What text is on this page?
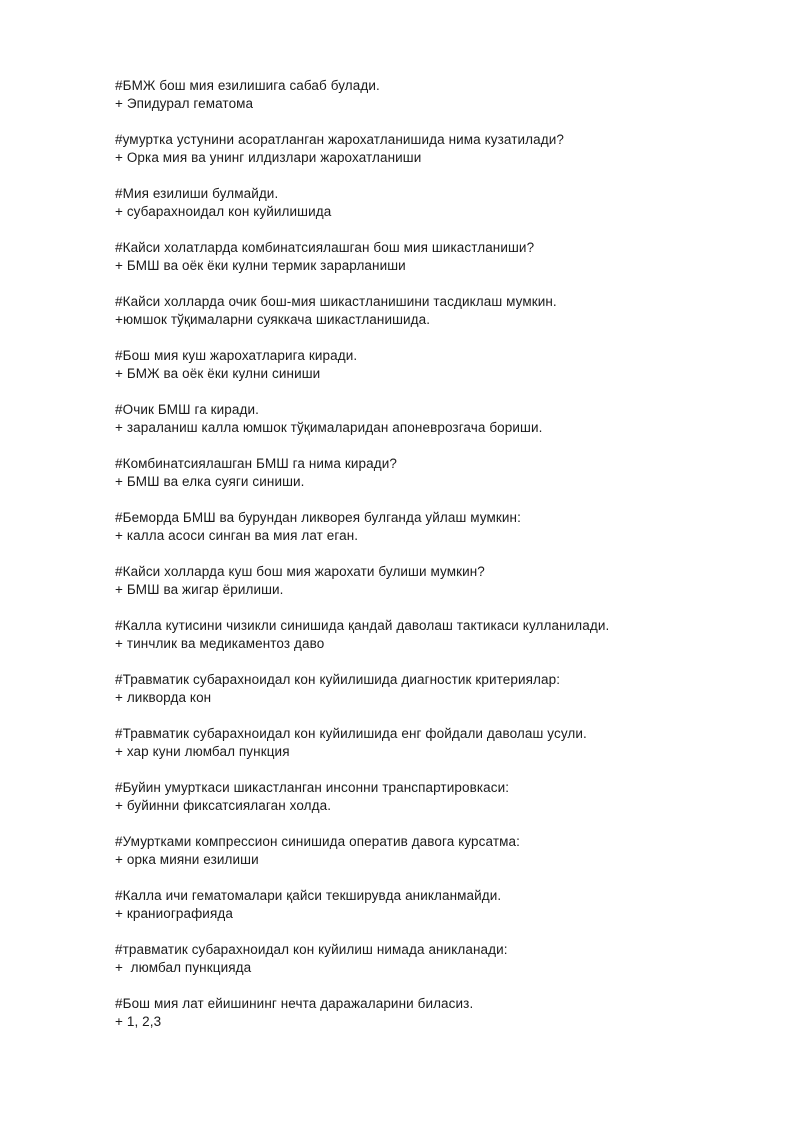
#БМЖ бош мия езилишига сабаб булади.
+ Эпидурал гематома
#умуртка устунини асоратланган жарохатланишида нима кузатилади?
+ Орка мия ва унинг илдизлари жарохатланиши
#Мия езилиши булмайди.
+ субарахноидал кон куйилишида
#Кайси холатларда комбинатсиялашган бош мия шикастланиши?
+ БМШ ва оёк ёки кулни термик зарарланиши
#Кайси холларда очик бош-мия шикастланишини тасдиклаш мумкин.
+юмшок тўқималарни суяккача шикастланишида.
#Бош мия куш жарохатларига киради.
+ БМЖ ва оёк ёки кулни синиши
#Очик БМШ га киради.
+ зараланиш калла юмшок тўқималаридан апоневрозгача бориши.
#Комбинатсиялашган БМШ га нима киради?
+ БМШ ва елка суяги синиши.
#Беморда БМШ ва бурундан ликворея булганда уйлаш мумкин:
+ калла асоси синган ва мия лат еган.
#Кайси холларда куш бош мия жарохати булиши мумкин?
+ БМШ ва жигар ёрилиши.
#Калла кутисини чизикли синишида қандай даволаш тактикаси кулланилади.
+ тинчлик ва медикаментоз даво
#Травматик субарахноидал кон куйилишида диагностик критериялар:
+ ликворда кон
#Травматик субарахноидал кон куйилишида енг фойдали даволаш усули.
+ хар куни люмбал пункция
#Буйин умурткаси шикастланган инсонни транспартировкаси:
+ буйинни фиксатсиялаган холда.
#Умуртками компрессион синишида оператив давога курсатма:
+ орка мияни езилиши
#Калла ичи гематомалари қайси текширувда аникланмайди.
+ краниографияда
#травматик субарахноидал кон куйилиш нимада аникланади:
+  люмбал пункцияда
#Бош мия лат ейишининг нечта даражаларини биласиз.
+ 1, 2,3
